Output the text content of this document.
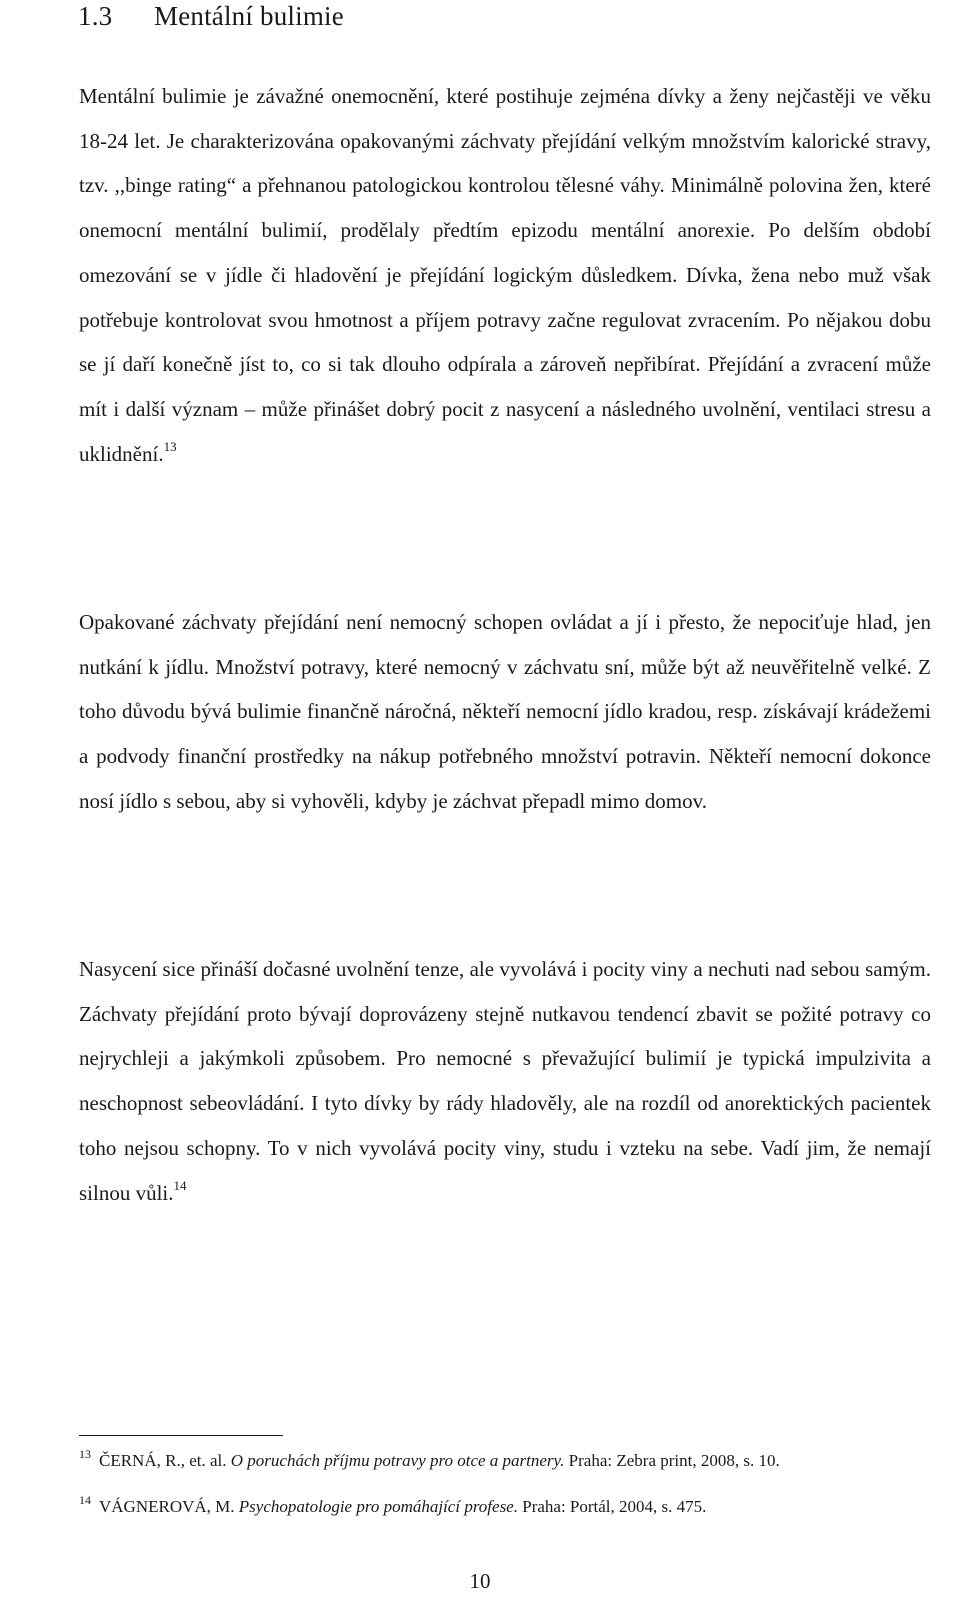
1.3 Mentální bulimie

Mentální bulimie je závažné onemocnění, které postihuje zejména dívky a ženy nejčastěji ve věku 18-24 let. Je charakterizována opakovanými záchvaty přejídání velkým množstvím kalorické stravy, tzv. ,,binge rating“ a přehnanou patologickou kontrolou tělesné váhy. Minimálně polovina žen, které onemocní mentální bulimií, prodělaly předtím epizodu mentální anorexie. Po delším období omezování se v jídle či hladovění je přejídání logickým důsledkem. Dívka, žena nebo muž však potřebuje kontrolovat svou hmotnost a příjem potravy začne regulovat zvracením. Po nějakou dobu se jí daří konečně jíst to, co si tak dlouho odpírala a zároveň nepřibírat. Přejídání a zvracení může mít i další význam – může přinášet dobrý pocit z nasycení a následného uvolnění, ventilaci stresu a uklidnění.$^{13}$

Opakované záchvaty přejídání není nemocný schopen ovládat a jí i přesto, že nepociťuje hlad, jen nutkání k jídlu. Množství potravy, které nemocný v záchvatu sní, může být až neuvěřitelně velké. Z toho důvodu bývá bulimie finančně náročná, někteří nemocní jídlo kradou, resp. získávají krádežemi a podvody finanční prostředky na nákup potřebného množství potravin. Někteří nemocní dokonce nosí jídlo s sebou, aby si vyhověli, kdyby je záchvat přepadl mimo domov.

Nasycení sice přináší dočasné uvolnění tenze, ale vyvolává i pocity viny a nechuti nad sebou samým. Záchvaty přejídání proto bývají doprovázeny stejně nutkavou tendencí zbavit se požité potravy co nejrychleji a jakýmkoli způsobem. Pro nemocné s převažující bulimií je typická impulzivita a neschopnost sebeovládání. I tyto dívky by rády hladověly, ale na rozdíl od anorektických pacientek toho nejsou schopny. To v nich vyvolává pocity viny, studu i vzteku na sebe. Vadí jim, že nemají silnou vůli.$^{14}$

$^{13}$ ČERNÁ, R., et. al. O poruchách příjmu potravy pro otce a partnery. Praha: Zebra print, 2008, s. 10.

$^{14}$ VÁGNEROVÁ, M. Psychopatologie pro pomáhající profese. Praha: Portál, 2004, s. 475.

10
